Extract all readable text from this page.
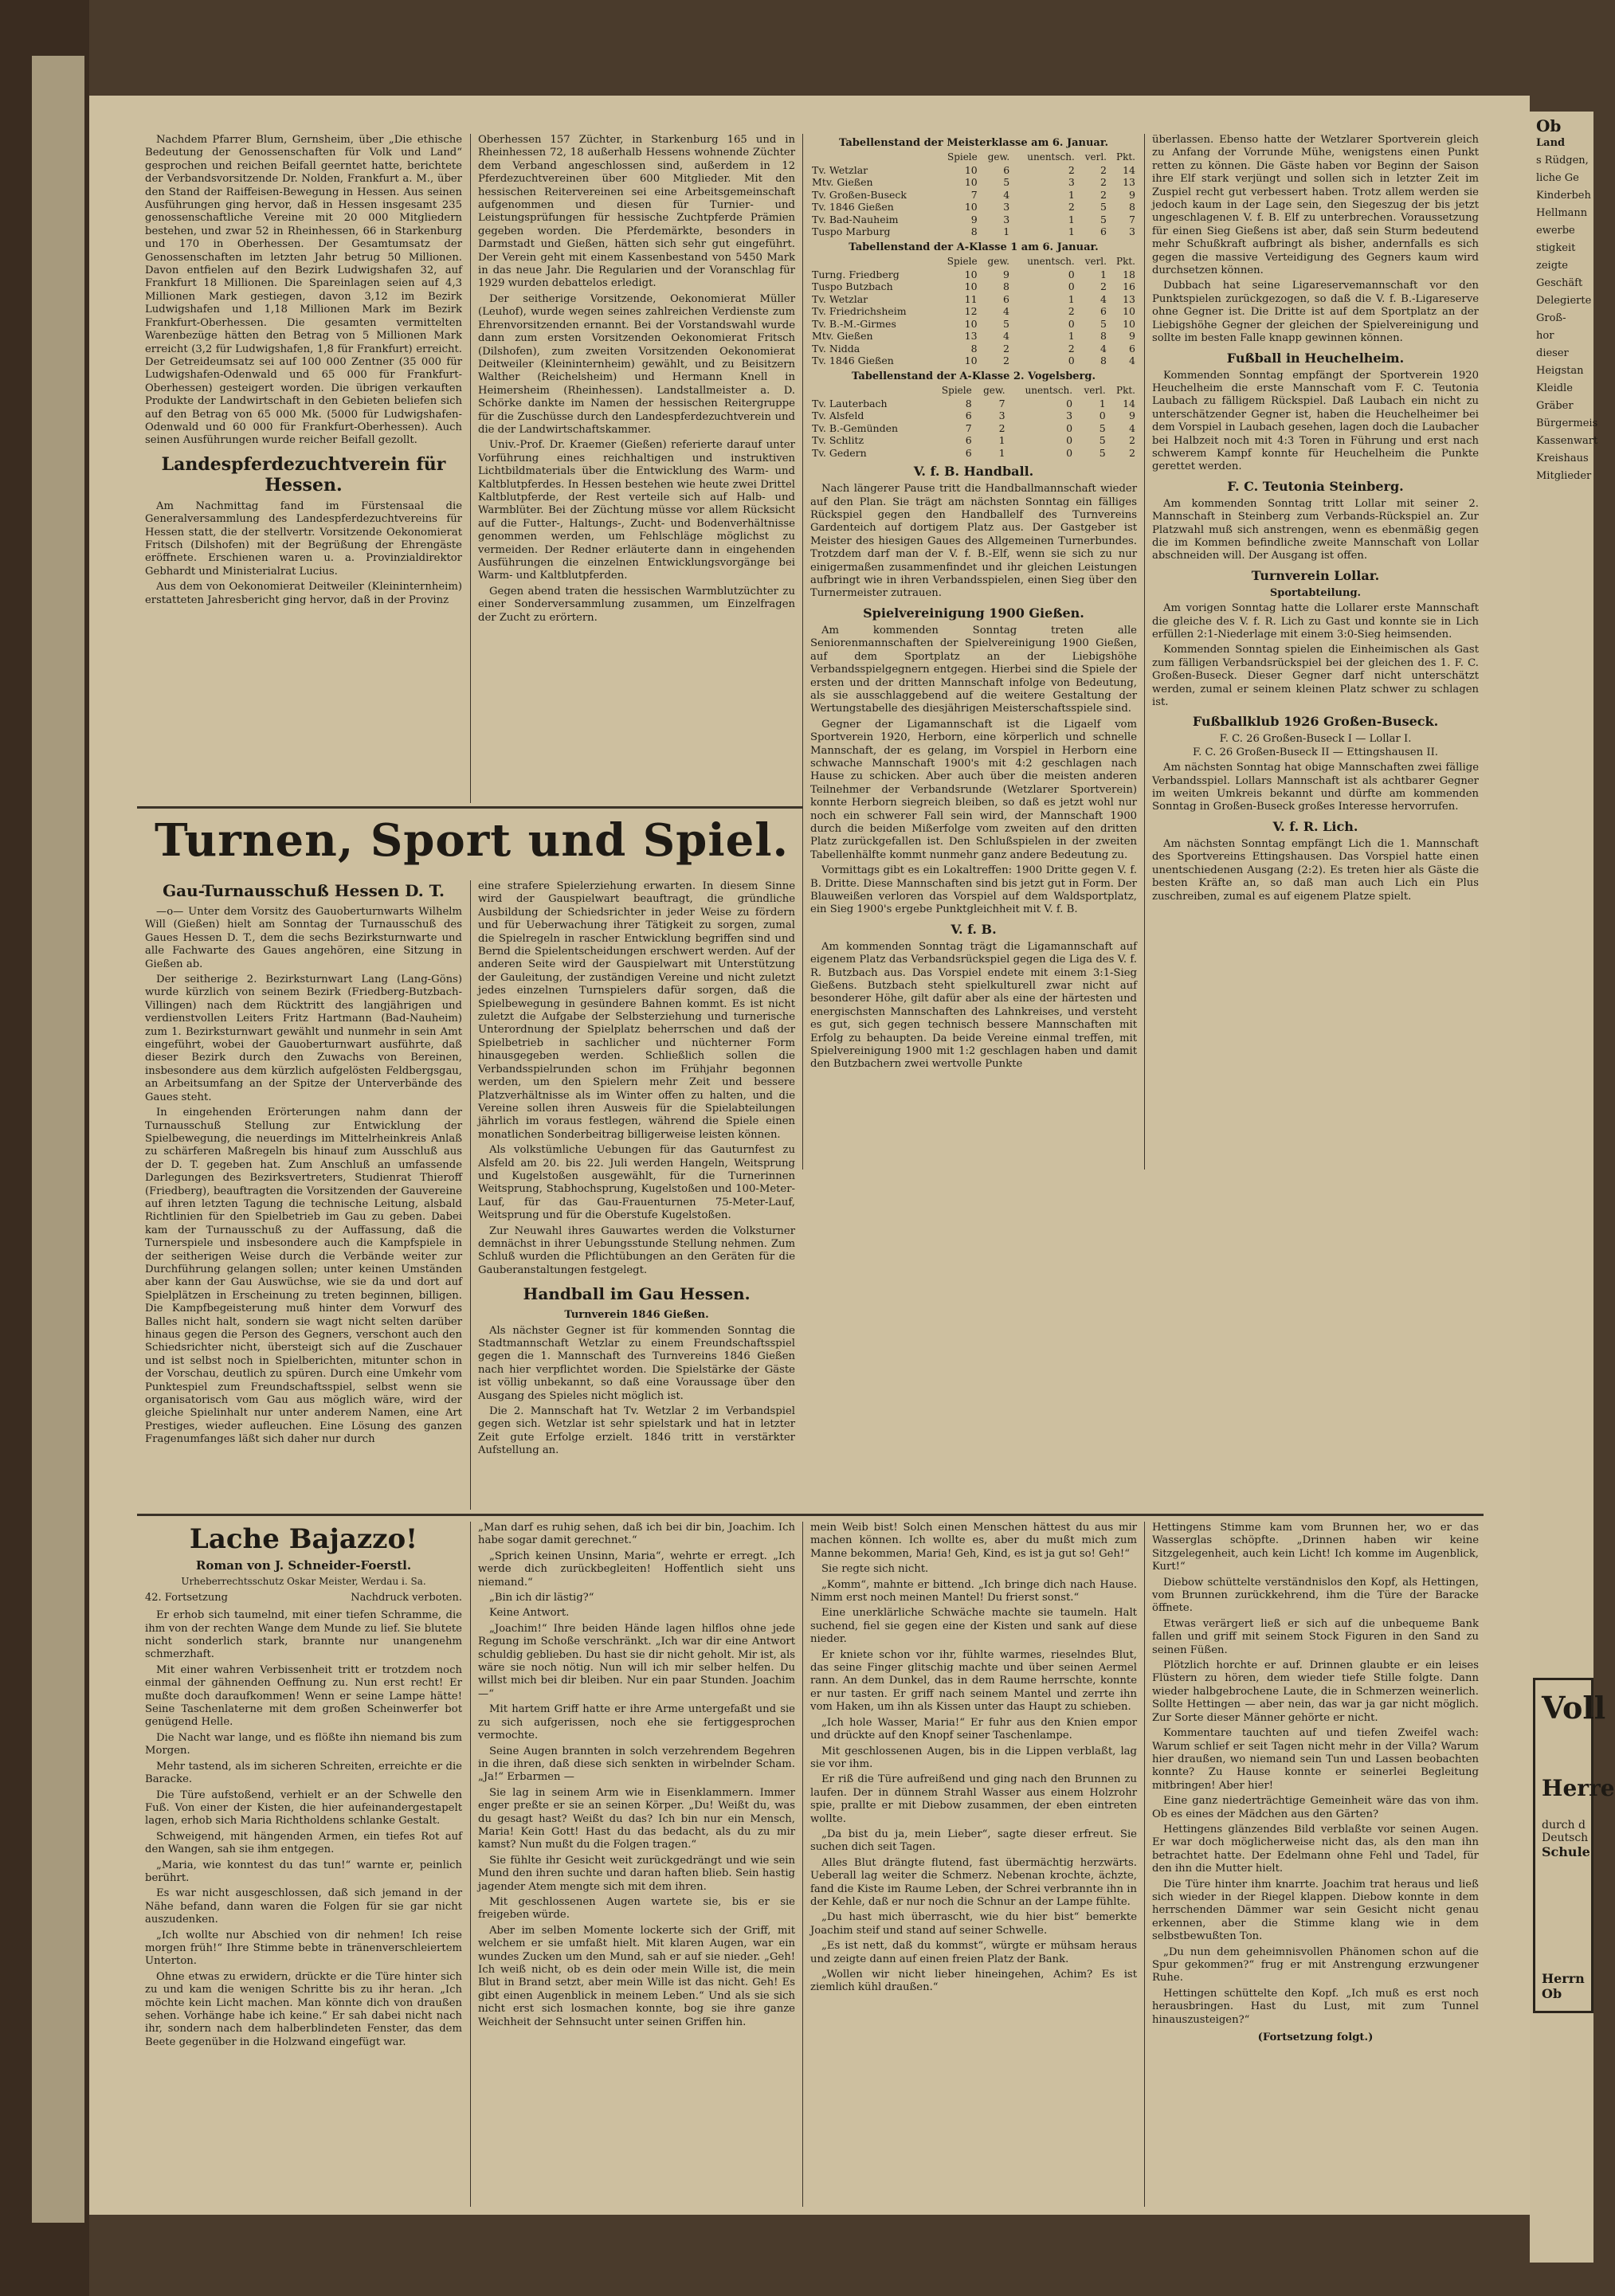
Nachdem Pfarrer Blum, Gernsheim, über „Die ethische Bedeutung der Genossenschaften für Volk und Land“ gesprochen und reichen Beifall geerntet hatte, berichtete der Verbandsvorsitzende Dr. Nolden, Frankfurt a. M., über den Stand der Raiffeisen-Bewegung in Hessen. Aus seinen Ausführungen ging hervor, daß in Hessen insgesamt 235 genossenschaftliche Vereine mit 20 000 Mitgliedern bestehen, und zwar 52 in Rheinhessen, 66 in Starkenburg und 170 in Oberhessen. Der Gesamtumsatz der Genossenschaften im letzten Jahr betrug 50 Millionen. Davon entfielen auf den Bezirk Ludwigshafen 32, auf Frankfurt 18 Millionen. Die Spareinlagen seien auf 4,3 Millionen Mark gestiegen, davon 3,12 im Bezirk Ludwigshafen und 1,18 Millionen Mark im Bezirk Frankfurt-Oberhessen. Die gesamten vermittelten Warenbezüge hätten den Betrag von 5 Millionen Mark erreicht (3,2 für Ludwigshafen, 1,8 für Frankfurt) erreicht. Der Getreideumsatz sei auf 100 000 Zentner (35 000 für Ludwigshafen-Odenwald und 65 000 für Frankfurt-Oberhessen) gesteigert worden. Die übrigen verkauften Produkte der Landwirtschaft in den Gebieten beliefen sich auf den Betrag von 65 000 Mk. (5000 für Ludwigshafen-Odenwald und 60 000 für Frankfurt-Oberhessen). Auch seinen Ausführungen wurde reicher Beifall gezollt.

Landespferdezuchtverein für Hessen.

Am Nachmittag fand im Fürstensaal die Generalversammlung des Landespferdezuchtvereins für Hessen statt, die der stellvertr. Vorsitzende Oekonomierat Fritsch (Dilshofen) mit der Begrüßung der Ehrengäste eröffnete. Erschienen waren u. a. Provinzialdirektor Gebhardt und Ministerialrat Lucius.

Aus dem von Oekonomierat Deitweiler (Kleininternheim) erstatteten Jahresbericht ging hervor, daß in der Provinz

Oberhessen 157 Züchter, in Starkenburg 165 und in Rheinhessen 72, 18 außerhalb Hessens wohnende Züchter dem Verband angeschlossen sind, außerdem in 12 Pferdezuchtvereinen über 600 Mitglieder. Mit den hessischen Reitervereinen sei eine Arbeitsgemeinschaft aufgenommen und diesen für Turnier- und Leistungsprüfungen für hessische Zuchtpferde Prämien gegeben worden. Die Pferdemärkte, besonders in Darmstadt und Gießen, hätten sich sehr gut eingeführt. Der Verein geht mit einem Kassenbestand von 5450 Mark in das neue Jahr. Die Regularien und der Voranschlag für 1929 wurden debattelos erledigt.

Der seitherige Vorsitzende, Oekonomierat Müller (Leuhof), wurde wegen seines zahlreichen Verdienste zum Ehrenvorsitzenden ernannt. Bei der Vorstandswahl wurde dann zum ersten Vorsitzenden Oekonomierat Fritsch (Dilshofen), zum zweiten Vorsitzenden Oekonomierat Deitweiler (Kleininternheim) gewählt, und zu Beisitzern Walther (Reichelsheim) und Hermann Knell in Heimersheim (Rheinhessen). Landstallmeister a. D. Schörke dankte im Namen der hessischen Reitergruppe für die Zuschüsse durch den Landespferdezuchtverein und die der Landwirtschaftskammer.

Univ.-Prof. Dr. Kraemer (Gießen) referierte darauf unter Vorführung eines reichhaltigen und instruktiven Lichtbildmaterials über die Entwicklung des Warm- und Kaltblutpferdes. In Hessen bestehen wie heute zwei Drittel Kaltblutpferde, der Rest verteile sich auf Halb- und Warmblüter. Bei der Züchtung müsse vor allem Rücksicht auf die Futter-, Haltungs-, Zucht- und Bodenverhältnisse genommen werden, um Fehlschläge möglichst zu vermeiden. Der Redner erläuterte dann in eingehenden Ausführungen die einzelnen Entwicklungsvorgänge bei Warm- und Kaltblutpferden.

Gegen abend traten die hessischen Warmblutzüchter zu einer Sonderversammlung zusammen, um Einzelfragen der Zucht zu erörtern.

Tabellenstand der Meisterklasse am 6. Januar.
	Spiele	gew.	unentsch.	verl.	Pkt.
Tv. Wetzlar	10	6	2	2	14
Mtv. Gießen	10	5	3	2	13
Tv. Großen-Buseck	7	4	1	2	9
Tv. 1846 Gießen	10	3	2	5	8
Tv. Bad-Nauheim	9	3	1	5	7
Tuspo Marburg	8	1	1	6	3
Tabellenstand der A-Klasse 1 am 6. Januar.
	Spiele	gew.	unentsch.	verl.	Pkt.
Turng. Friedberg	10	9	0	1	18
Tuspo Butzbach	10	8	0	2	16
Tv. Wetzlar	11	6	1	4	13
Tv. Friedrichsheim	12	4	2	6	10
Tv. B.-M.-Girmes	10	5	0	5	10
Mtv. Gießen	13	4	1	8	9
Tv. Nidda	8	2	2	4	6
Tv. 1846 Gießen	10	2	0	8	4
Tabellenstand der A-Klasse 2. Vogelsberg.
	Spiele	gew.	unentsch.	verl.	Pkt.
Tv. Lauterbach	8	7	0	1	14
Tv. Alsfeld	6	3	3	0	9
Tv. B.-Gemünden	7	2	0	5	4
Tv. Schlitz	6	1	0	5	2
Tv. Gedern	6	1	0	5	2
V. f. B. Handball.

Nach längerer Pause tritt die Handballmannschaft wieder auf den Plan. Sie trägt am nächsten Sonntag ein fälliges Rückspiel gegen den Handballelf des Turnvereins Gardenteich auf dortigem Platz aus. Der Gastgeber ist Meister des hiesigen Gaues des Allgemeinen Turnerbundes. Trotzdem darf man der V. f. B.-Elf, wenn sie sich zu nur einigermaßen zusammenfindet und ihr gleichen Leistungen aufbringt wie in ihren Verbandsspielen, einen Sieg über den Turnermeister zutrauen.

Spielvereinigung 1900 Gießen.

Am kommenden Sonntag treten alle Seniorenmannschaften der Spielvereinigung 1900 Gießen, auf dem Sportplatz an der Liebigshöhe Verbandsspielgegnern entgegen. Hierbei sind die Spiele der ersten und der dritten Mannschaft infolge von Bedeutung, als sie ausschlaggebend auf die weitere Gestaltung der Wertungstabelle des diesjährigen Meisterschaftsspiele sind.

Gegner der Ligamannschaft ist die Ligaelf vom Sportverein 1920, Herborn, eine körperlich und schnelle Mannschaft, der es gelang, im Vorspiel in Herborn eine schwache Mannschaft 1900's mit 4:2 geschlagen nach Hause zu schicken. Aber auch über die meisten anderen Teilnehmer der Verbandsrunde (Wetzlarer Sportverein) konnte Herborn siegreich bleiben, so daß es jetzt wohl nur noch ein schwerer Fall sein wird, der Mannschaft 1900 durch die beiden Mißerfolge vom zweiten auf den dritten Platz zurückgefallen ist. Den Schlußspielen in der zweiten Tabellenhälfte kommt nunmehr ganz andere Bedeutung zu.

Vormittags gibt es ein Lokaltreffen: 1900 Dritte gegen V. f. B. Dritte. Diese Mannschaften sind bis jetzt gut in Form. Der Blauweißen verloren das Vorspiel auf dem Waldsportplatz, ein Sieg 1900's ergebe Punktgleichheit mit V. f. B.

V. f. B.

Am kommenden Sonntag trägt die Ligamannschaft auf eigenem Platz das Verbandsrückspiel gegen die Liga des V. f. R. Butzbach aus. Das Vorspiel endete mit einem 3:1-Sieg Gießens. Butzbach steht spielkulturell zwar nicht auf besonderer Höhe, gilt dafür aber als eine der härtesten und energischsten Mannschaften des Lahnkreises, und versteht es gut, sich gegen technisch bessere Mannschaften mit Erfolg zu behaupten. Da beide Vereine einmal treffen, mit Spielvereinigung 1900 mit 1:2 geschlagen haben und damit den Butzbachern zwei wertvolle Punkte

überlassen. Ebenso hatte der Wetzlarer Sportverein gleich zu Anfang der Vorrunde Mühe, wenigstens einen Punkt retten zu können. Die Gäste haben vor Beginn der Saison ihre Elf stark verjüngt und sollen sich in letzter Zeit im Zuspiel recht gut verbessert haben. Trotz allem werden sie jedoch kaum in der Lage sein, den Siegeszug der bis jetzt ungeschlagenen V. f. B. Elf zu unterbrechen. Voraussetzung für einen Sieg Gießens ist aber, daß sein Sturm bedeutend mehr Schußkraft aufbringt als bisher, andernfalls es sich gegen die massive Verteidigung des Gegners kaum wird durchsetzen können.

Dubbach hat seine Ligareservemannschaft vor den Punktspielen zurückgezogen, so daß die V. f. B.-Ligareserve ohne Gegner ist. Die Dritte ist auf dem Sportplatz an der Liebigshöhe Gegner der gleichen der Spielvereinigung und sollte im besten Falle knapp gewinnen können.

Fußball in Heuchelheim.

Kommenden Sonntag empfängt der Sportverein 1920 Heuchelheim die erste Mannschaft vom F. C. Teutonia Laubach zu fälligem Rückspiel. Daß Laubach ein nicht zu unterschätzender Gegner ist, haben die Heuchelheimer bei dem Vorspiel in Laubach gesehen, lagen doch die Laubacher bei Halbzeit noch mit 4:3 Toren in Führung und erst nach schwerem Kampf konnte für Heuchelheim die Punkte gerettet werden.

F. C. Teutonia Steinberg.

Am kommenden Sonntag tritt Lollar mit seiner 2. Mannschaft in Steinberg zum Verbands-Rückspiel an. Zur Platzwahl muß sich anstrengen, wenn es ebenmäßig gegen die im Kommen befindliche zweite Mannschaft von Lollar abschneiden will. Der Ausgang ist offen.

Turnverein Lollar.
Sportabteilung.

Am vorigen Sonntag hatte die Lollarer erste Mannschaft die gleiche des V. f. R. Lich zu Gast und konnte sie in Lich erfüllen 2:1-Niederlage mit einem 3:0-Sieg heimsenden.

Kommenden Sonntag spielen die Einheimischen als Gast zum fälligen Verbandsrückspiel bei der gleichen des 1. F. C. Großen-Buseck. Dieser Gegner darf nicht unterschätzt werden, zumal er seinem kleinen Platz schwer zu schlagen ist.

Fußballklub 1926 Großen-Buseck.

F. C. 26 Großen-Buseck I — Lollar I.
F. C. 26 Großen-Buseck II — Ettingshausen II.

Am nächsten Sonntag hat obige Mannschaften zwei fällige Verbandsspiel. Lollars Mannschaft ist als achtbarer Gegner im weiten Umkreis bekannt und dürfte am kommenden Sonntag in Großen-Buseck großes Interesse hervorrufen.

V. f. R. Lich.

Am nächsten Sonntag empfängt Lich die 1. Mannschaft des Sportvereins Ettingshausen. Das Vorspiel hatte einen unentschiedenen Ausgang (2:2). Es treten hier als Gäste die besten Kräfte an, so daß man auch Lich ein Plus zuschreiben, zumal es auf eigenem Platze spielt.

Turnen, Sport und Spiel.
Gau-Turnausschuß Hessen D. T.

—o— Unter dem Vorsitz des Gauoberturnwarts Wilhelm Will (Gießen) hielt am Sonntag der Turnausschuß des Gaues Hessen D. T., dem die sechs Bezirksturnwarte und alle Fachwarte des Gaues angehören, eine Sitzung in Gießen ab.

Der seitherige 2. Bezirksturnwart Lang (Lang-Göns) wurde kürzlich von seinem Bezirk (Friedberg-Butzbach-Villingen) nach dem Rücktritt des langjährigen und verdienstvollen Leiters Fritz Hartmann (Bad-Nauheim) zum 1. Bezirksturnwart gewählt und nunmehr in sein Amt eingeführt, wobei der Gauoberturnwart ausführte, daß dieser Bezirk durch den Zuwachs von Bereinen, insbesondere aus dem kürzlich aufgelösten Feldbergsgau, an Arbeitsumfang an der Spitze der Unterverbände des Gaues steht.

In eingehenden Erörterungen nahm dann der Turnausschuß Stellung zur Entwicklung der Spielbewegung, die neuerdings im Mittelrheinkreis Anlaß zu schärferen Maßregeln bis hinauf zum Ausschluß aus der D. T. gegeben hat. Zum Anschluß an umfassende Darlegungen des Bezirksvertreters, Studienrat Thieroff (Friedberg), beauftragten die Vorsitzenden der Gauvereine auf ihren letzten Tagung die technische Leitung, alsbald Richtlinien für den Spielbetrieb im Gau zu geben. Dabei kam der Turnausschuß zu der Auffassung, daß die Turnerspiele und insbesondere auch die Kampfspiele in der seitherigen Weise durch die Verbände weiter zur Durchführung gelangen sollen; unter keinen Umständen aber kann der Gau Auswüchse, wie sie da und dort auf Spielplätzen in Erscheinung zu treten beginnen, billigen. Die Kampfbegeisterung muß hinter dem Vorwurf des Balles nicht halt, sondern sie wagt nicht selten darüber hinaus gegen die Person des Gegners, verschont auch den Schiedsrichter nicht, übersteigt sich auf die Zuschauer und ist selbst noch in Spielberichten, mitunter schon in der Vorschau, deutlich zu spüren. Durch eine Umkehr vom Punktespiel zum Freundschaftsspiel, selbst wenn sie organisatorisch vom Gau aus möglich wäre, wird der gleiche Spielinhalt nur unter anderem Namen, eine Art Prestiges, wieder aufleuchen. Eine Lösung des ganzen Fragenumfanges läßt sich daher nur durch

eine strafere Spielerziehung erwarten. In diesem Sinne wird der Gauspielwart beauftragt, die gründliche Ausbildung der Schiedsrichter in jeder Weise zu fördern und für Ueberwachung ihrer Tätigkeit zu sorgen, zumal die Spielregeln in rascher Entwicklung begriffen sind und Bernd die Spielentscheidungen erschwert werden. Auf der anderen Seite wird der Gauspielwart mit Unterstützung der Gauleitung, der zuständigen Vereine und nicht zuletzt jedes einzelnen Turnspielers dafür sorgen, daß die Spielbewegung in gesündere Bahnen kommt. Es ist nicht zuletzt die Aufgabe der Selbsterziehung und turnerische Unterordnung der Spielplatz beherrschen und daß der Spielbetrieb in sachlicher und nüchterner Form hinausgegeben werden. Schließlich sollen die Verbandsspielrunden schon im Frühjahr begonnen werden, um den Spielern mehr Zeit und bessere Platzverhältnisse als im Winter offen zu halten, und die Vereine sollen ihren Ausweis für die Spielabteilungen jährlich im voraus festlegen, während die Spiele einen monatlichen Sonderbeitrag billigerweise leisten können.

Als volkstümliche Uebungen für das Gauturnfest zu Alsfeld am 20. bis 22. Juli werden Hangeln, Weitsprung und Kugelstoßen ausgewählt, für die Turnerinnen Weitsprung, Stabhochsprung, Kugelstoßen und 100-Meter-Lauf, für das Gau-Frauenturnen 75-Meter-Lauf, Weitsprung und für die Oberstufe Kugelstoßen.

Zur Neuwahl ihres Gauwartes werden die Volksturner demnächst in ihrer Uebungsstunde Stellung nehmen. Zum Schluß wurden die Pflichtübungen an den Geräten für die Gauberanstaltungen festgelegt.

Handball im Gau Hessen.
Turnverein 1846 Gießen.

Als nächster Gegner ist für kommenden Sonntag die Stadtmannschaft Wetzlar zu einem Freundschaftsspiel gegen die 1. Mannschaft des Turnvereins 1846 Gießen nach hier verpflichtet worden. Die Spielstärke der Gäste ist völlig unbekannt, so daß eine Voraussage über den Ausgang des Spieles nicht möglich ist.

Die 2. Mannschaft hat Tv. Wetzlar 2 im Verbandspiel gegen sich. Wetzlar ist sehr spielstark und hat in letzter Zeit gute Erfolge erzielt. 1846 tritt in verstärkter Aufstellung an.

Lache Bajazzo!
Roman von J. Schneider-Foerstl.
Urheberrechtsschutz Oskar Meister, Werdau i. Sa.
42. Fortsetzung	Nachdruck verboten.

Er erhob sich taumelnd, mit einer tiefen Schramme, die ihm von der rechten Wange dem Munde zu lief. Sie blutete nicht sonderlich stark, brannte nur unangenehm schmerzhaft.

Mit einer wahren Verbissenheit tritt er trotzdem noch einmal der gähnenden Oeffnung zu. Nun erst recht! Er mußte doch daraufkommen! Wenn er seine Lampe hätte! Seine Taschenlaterne mit dem großen Scheinwerfer bot genügend Helle.

Die Nacht war lange, und es flößte ihn niemand bis zum Morgen.

Mehr tastend, als im sicheren Schreiten, erreichte er die Baracke.

Die Türe aufstoßend, verhielt er an der Schwelle den Fuß. Von einer der Kisten, die hier aufeinandergestapelt lagen, erhob sich Maria Richtholdens schlanke Gestalt.

Schweigend, mit hängenden Armen, ein tiefes Rot auf den Wangen, sah sie ihm entgegen.

„Maria, wie konntest du das tun!“ warnte er, peinlich berührt.

Es war nicht ausgeschlossen, daß sich jemand in der Nähe befand, dann waren die Folgen für sie gar nicht auszudenken.

„Ich wollte nur Abschied von dir nehmen! Ich reise morgen früh!“ Ihre Stimme bebte in tränenverschleiertem Unterton.

Ohne etwas zu erwidern, drückte er die Türe hinter sich zu und kam die wenigen Schritte bis zu ihr heran. „Ich möchte kein Licht machen. Man könnte dich von draußen sehen. Vorhänge habe ich keine.“ Er sah dabei nicht nach ihr, sondern nach dem halberblindeten Fenster, das dem Beete gegenüber in die Holzwand eingefügt war.

„Man darf es ruhig sehen, daß ich bei dir bin, Joachim. Ich habe sogar damit gerechnet.“

„Sprich keinen Unsinn, Maria“, wehrte er erregt. „Ich werde dich zurückbegleiten! Hoffentlich sieht uns niemand.“

„Bin ich dir lästig?“

Keine Antwort.

„Joachim!“ Ihre beiden Hände lagen hilflos ohne jede Regung im Schoße verschränkt. „Ich war dir eine Antwort schuldig geblieben. Du hast sie dir nicht geholt. Mir ist, als wäre sie noch nötig. Nun will ich mir selber helfen. Du willst mich bei dir bleiben. Nur ein paar Stunden. Joachim —“

Mit hartem Griff hatte er ihre Arme untergefaßt und sie zu sich aufgerissen, noch ehe sie fertiggesprochen vermochte.

Seine Augen brannten in solch verzehrendem Begehren in die ihren, daß diese sich senkten in wirbelnder Scham. „Ja!“ Erbarmen —

Sie lag in seinem Arm wie in Eisenklammern. Immer enger preßte er sie an seinen Körper. „Du! Weißt du, was du gesagt hast? Weißt du das? Ich bin nur ein Mensch, Maria! Kein Gott! Hast du das bedacht, als du zu mir kamst? Nun mußt du die Folgen tragen.“

Sie fühlte ihr Gesicht weit zurückgedrängt und wie sein Mund den ihren suchte und daran haften blieb. Sein hastig jagender Atem mengte sich mit dem ihren.

Mit geschlossenen Augen wartete sie, bis er sie freigeben würde.

Aber im selben Momente lockerte sich der Griff, mit welchem er sie umfaßt hielt. Mit klaren Augen, war ein wundes Zucken um den Mund, sah er auf sie nieder. „Geh! Ich weiß nicht, ob es dein oder mein Wille ist, die mein Blut in Brand setzt, aber mein Wille ist das nicht. Geh! Es gibt einen Augenblick in meinem Leben.“ Und als sie sich nicht erst sich losmachen konnte, bog sie ihre ganze Weichheit der Sehnsucht unter seinen Griffen hin.

mein Weib bist! Solch einen Menschen hättest du aus mir machen können. Ich wollte es, aber du mußt mich zum Manne bekommen, Maria! Geh, Kind, es ist ja gut so! Geh!“

Sie regte sich nicht.

„Komm“, mahnte er bittend. „Ich bringe dich nach Hause. Nimm erst noch meinen Mantel! Du frierst sonst.“

Eine unerklärliche Schwäche machte sie taumeln. Halt suchend, fiel sie gegen eine der Kisten und sank auf diese nieder.

Er kniete schon vor ihr, fühlte warmes, rieselndes Blut, das seine Finger glitschig machte und über seinen Aermel rann. An dem Dunkel, das in dem Raume herrschte, konnte er nur tasten. Er griff nach seinem Mantel und zerrte ihn vom Haken, um ihn als Kissen unter das Haupt zu schieben.

„Ich hole Wasser, Maria!“ Er fuhr aus den Knien empor und drückte auf den Knopf seiner Taschenlampe.

Mit geschlossenen Augen, bis in die Lippen verblaßt, lag sie vor ihm.

Er riß die Türe aufreißend und ging nach den Brunnen zu laufen. Der in dünnem Strahl Wasser aus einem Holzrohr spie, prallte er mit Diebow zusammen, der eben eintreten wollte.

„Da bist du ja, mein Lieber“, sagte dieser erfreut. Sie suchen dich seit Tagen.

Alles Blut drängte flutend, fast übermächtig herzwärts. Ueberall lag weiter die Schmerz. Nebenan krochte, ächzte, fand die Kiste im Raume Leben, der Schrei verbrannte ihn in der Kehle, daß er nur noch die Schnur an der Lampe fühlte.

„Du hast mich überrascht, wie du hier bist“ bemerkte Joachim steif und stand auf seiner Schwelle.

„Es ist nett, daß du kommst“, würgte er mühsam heraus und zeigte dann auf einen freien Platz der Bank.

„Wollen wir nicht lieber hineingehen, Achim? Es ist ziemlich kühl draußen.“

Hettingens Stimme kam vom Brunnen her, wo er das Wasserglas schöpfte. „Drinnen haben wir keine Sitzgelegenheit, auch kein Licht! Ich komme im Augenblick, Kurt!“

Diebow schüttelte verständnislos den Kopf, als Hettingen, vom Brunnen zurückkehrend, ihm die Türe der Baracke öffnete.

Etwas verärgert ließ er sich auf die unbequeme Bank fallen und griff mit seinem Stock Figuren in den Sand zu seinen Füßen.

Plötzlich horchte er auf. Drinnen glaubte er ein leises Flüstern zu hören, dem wieder tiefe Stille folgte. Dann wieder halbgebrochene Laute, die in Schmerzen weinerlich. Sollte Hettingen — aber nein, das war ja gar nicht möglich. Zur Sorte dieser Männer gehörte er nicht.

Kommentare tauchten auf und tiefen Zweifel wach: Warum schlief er seit Tagen nicht mehr in der Villa? Warum hier draußen, wo niemand sein Tun und Lassen beobachten konnte? Zu Hause konnte er seinerlei Begleitung mitbringen! Aber hier!

Eine ganz niederträchtige Gemeinheit wäre das von ihm. Ob es eines der Mädchen aus den Gärten?

Hettingens glänzendes Bild verblaßte vor seinen Augen. Er war doch möglicherweise nicht das, als den man ihn betrachtet hatte. Der Edelmann ohne Fehl und Tadel, für den ihn die Mutter hielt.

Die Türe hinter ihm knarrte. Joachim trat heraus und ließ sich wieder in der Riegel klappen. Diebow konnte in dem herrschenden Dämmer war sein Gesicht nicht genau erkennen, aber die Stimme klang wie in dem selbstbewußten Ton.

„Du nun dem geheimnisvollen Phänomen schon auf die Spur gekommen?“ frug er mit Anstrengung erzwungener Ruhe.

Hettingen schüttelte den Kopf. „Ich muß es erst noch herausbringen. Hast du Lust, mit zum Tunnel hinauszusteigen?“

(Fortsetzung folgt.)

Ob

Land

s Rüdgen,

liche Ge

Kinderbeh

Hellmann

ewerbe

stigkeit

zeigte

Geschäft

Delegierte

Groß-

hor

dieser

Heigstan

Kleidle

Gräber

Bürgermeis

Kassenwart

Kreishaus

Mitglieder

Voll
Herre
durch d
Deutsch
Schule
Herrn Ob
